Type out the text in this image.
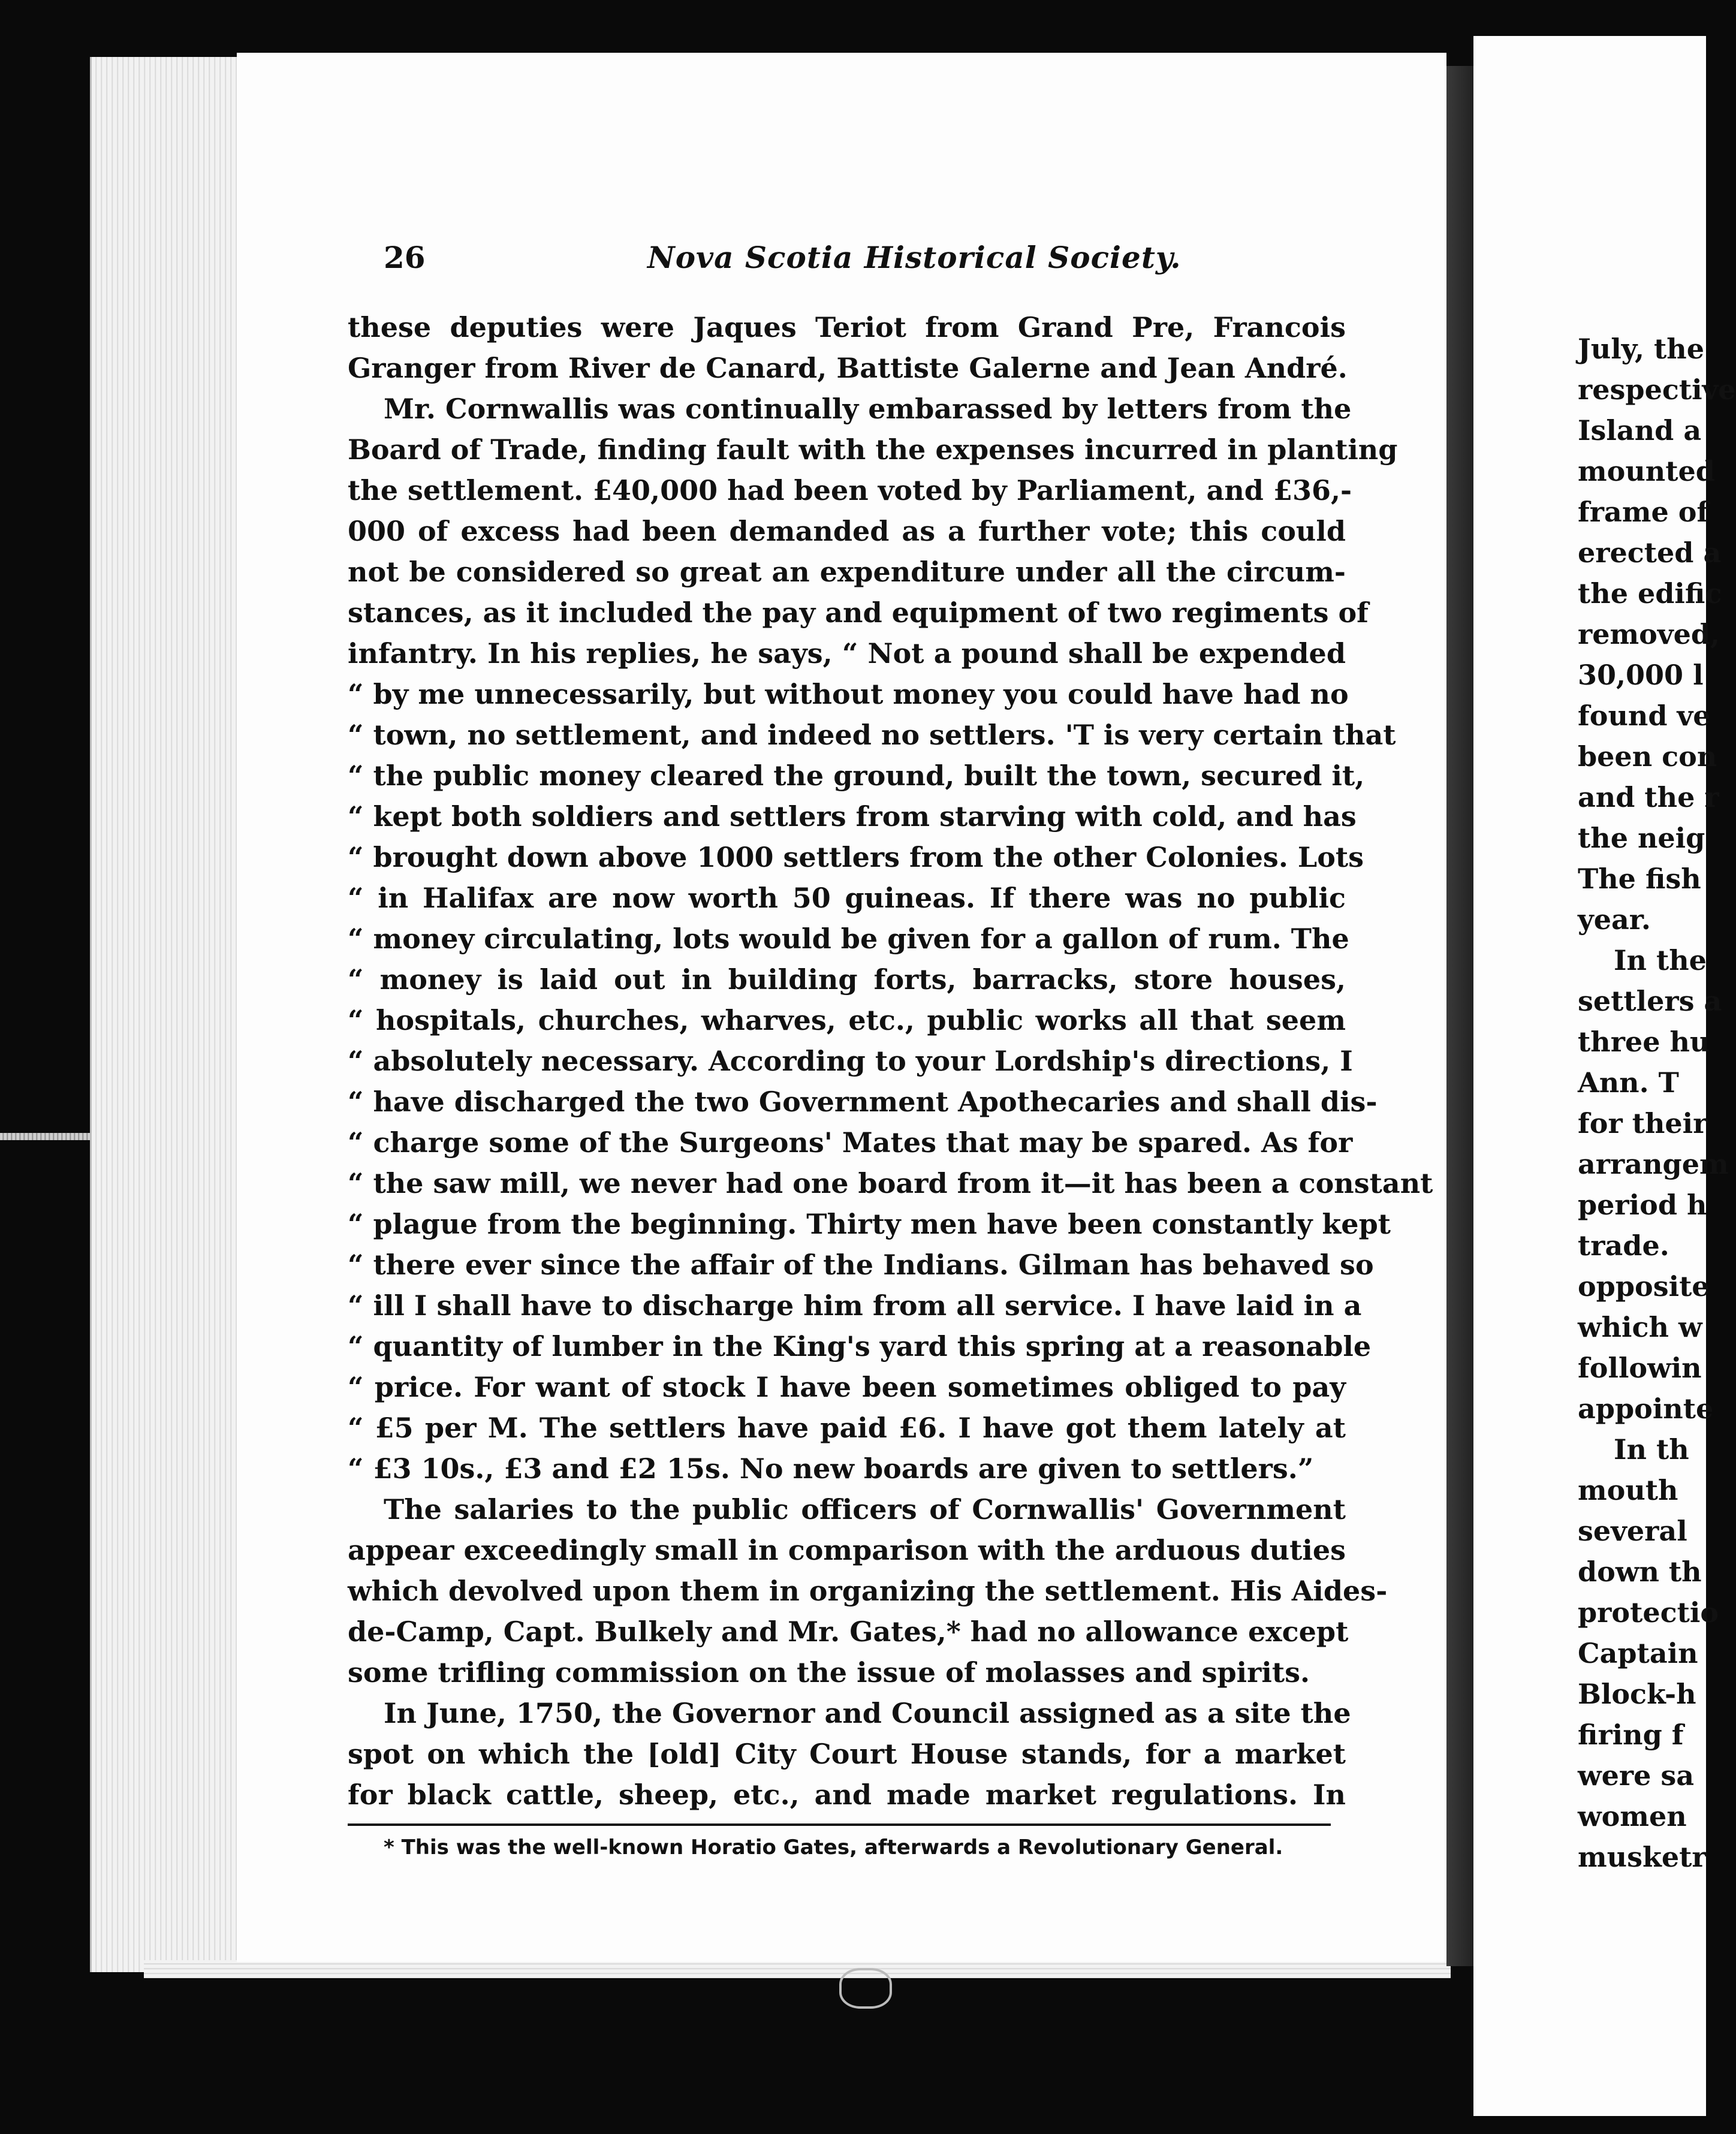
26	Nova Scotia Historical Society.
these deputies were Jaques Teriot from Grand Pre, Francois
Granger from River de Canard, Battiste Galerne and Jean André.
Mr. Cornwallis was continually embarassed by letters from the
Board of Trade, finding fault with the expenses incurred in planting
the settlement. £40,000 had been voted by Parliament, and £36,-
000 of excess had been demanded as a further vote; this could
not be considered so great an expenditure under all the circum-
stances, as it included the pay and equipment of two regiments of
infantry. In his replies, he says, “ Not a pound shall be expended
“ by me unnecessarily, but without money you could have had no
“ town, no settlement, and indeed no settlers. 'T is very certain that
“ the public money cleared the ground, built the town, secured it,
“ kept both soldiers and settlers from starving with cold, and has
“ brought down above 1000 settlers from the other Colonies. Lots
“ in Halifax are now worth 50 guineas. If there was no public
“ money circulating, lots would be given for a gallon of rum. The
“ money is laid out in building forts, barracks, store houses,
“ hospitals, churches, wharves, etc., public works all that seem
“ absolutely necessary. According to your Lordship's directions, I
“ have discharged the two Government Apothecaries and shall dis-
“ charge some of the Surgeons' Mates that may be spared. As for
“ the saw mill, we never had one board from it—it has been a constant
“ plague from the beginning. Thirty men have been constantly kept
“ there ever since the affair of the Indians. Gilman has behaved so
“ ill I shall have to discharge him from all service. I have laid in a
“ quantity of lumber in the King's yard this spring at a reasonable
“ price. For want of stock I have been sometimes obliged to pay
“ £5 per M. The settlers have paid £6. I have got them lately at
“ £3 10s., £3 and £2 15s. No new boards are given to settlers.”
The salaries to the public officers of Cornwallis' Government
appear exceedingly small in comparison with the arduous duties
which devolved upon them in organizing the settlement. His Aides-
de-Camp, Capt. Bulkely and Mr. Gates,* had no allowance except
some trifling commission on the issue of molasses and spirits.
In June, 1750, the Governor and Council assigned as a site the
spot on which the [old] City Court House stands, for a market
for black cattle, sheep, etc., and made market regulations. In
* This was the well-known Horatio Gates, afterwards a Revolutionary General.
July, the
respective
Island a
mounted
frame of
erected a
the edific
removed,
30,000 l
found ve
been con
and the r
the neig
The fish
year.
In the
settlers a
three hu
Ann. T
for their
arrangem
period h
trade.
opposite
which w
followin
appointe
In th
mouth
several
down th
protectio
Captain
Block-h
firing f
were sa
women
musketr
